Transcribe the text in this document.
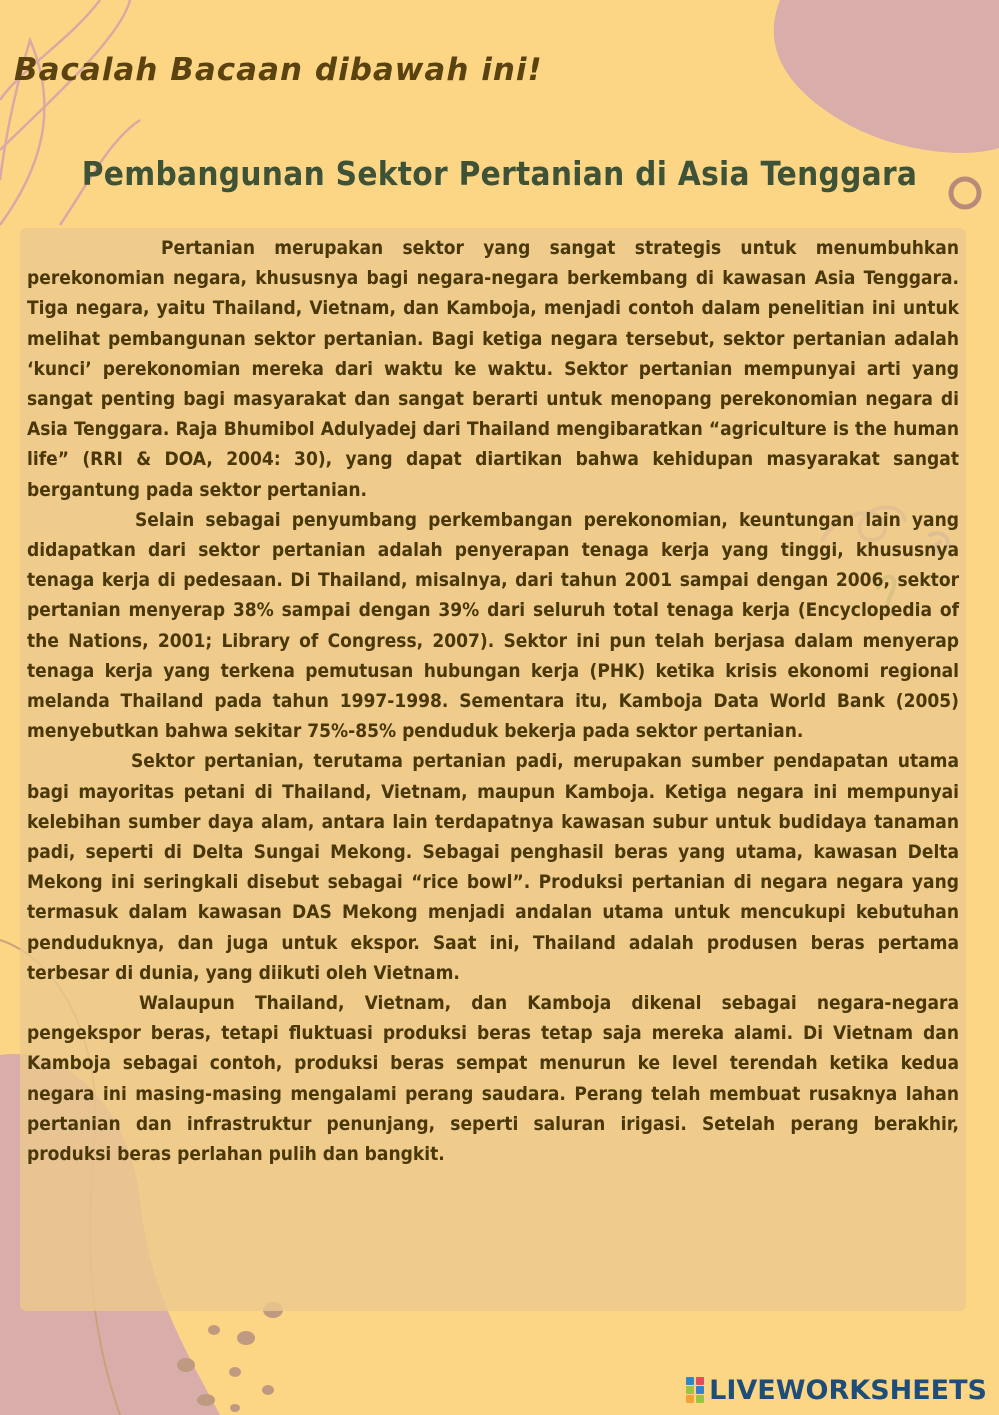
Bacalah Bacaan dibawah ini!
Pembangunan Sektor Pertanian di Asia Tenggara

Pertanian merupakan sektor yang sangat strategis untuk menumbuhkan perekonomian negara, khususnya bagi negara-negara berkembang di kawasan Asia Tenggara. Tiga negara, yaitu Thailand, Vietnam, dan Kamboja, menjadi contoh dalam penelitian ini untuk melihat pembangunan sektor pertanian. Bagi ketiga negara tersebut, sektor pertanian adalah ‘kunci’ perekonomian mereka dari waktu ke waktu. Sektor pertanian mempunyai arti yang sangat penting bagi masyarakat dan sangat berarti untuk menopang perekonomian negara di Asia Tenggara. Raja Bhumibol Adulyadej dari Thailand mengibaratkan “agriculture is the human life” (RRI & DOA, 2004: 30), yang dapat diartikan bahwa kehidupan masyarakat sangat bergantung pada sektor pertanian.

Selain sebagai penyumbang perkembangan perekonomian, keuntungan lain yang didapatkan dari sektor pertanian adalah penyerapan tenaga kerja yang tinggi, khususnya tenaga kerja di pedesaan. Di Thailand, misalnya, dari tahun 2001 sampai dengan 2006, sektor pertanian menyerap 38% sampai dengan 39% dari seluruh total tenaga kerja (Encyclopedia of the Nations, 2001; Library of Congress, 2007). Sektor ini pun telah berjasa dalam menyerap tenaga kerja yang terkena pemutusan hubungan kerja (PHK) ketika krisis ekonomi regional melanda Thailand pada tahun 1997-1998. Sementara itu, Kamboja Data World Bank (2005) menyebutkan bahwa sekitar 75%-85% penduduk bekerja pada sektor pertanian.

Sektor pertanian, terutama pertanian padi, merupakan sumber pendapatan utama bagi mayoritas petani di Thailand, Vietnam, maupun Kamboja. Ketiga negara ini mempunyai kelebihan sumber daya alam, antara lain terdapatnya kawasan subur untuk budidaya tanaman padi, seperti di Delta Sungai Mekong. Sebagai penghasil beras yang utama, kawasan Delta Mekong ini seringkali disebut sebagai “rice bowl”. Produksi pertanian di negara negara yang termasuk dalam kawasan DAS Mekong menjadi andalan utama untuk mencukupi kebutuhan penduduknya, dan juga untuk ekspor. Saat ini, Thailand adalah produsen beras pertama terbesar di dunia, yang diikuti oleh Vietnam.

Walaupun Thailand, Vietnam, dan Kamboja dikenal sebagai negara-negara pengekspor beras, tetapi fluktuasi produksi beras tetap saja mereka alami. Di Vietnam dan Kamboja sebagai contoh, produksi beras sempat menurun ke level terendah ketika kedua negara ini masing-masing mengalami perang saudara. Perang telah membuat rusaknya lahan pertanian dan infrastruktur penunjang, seperti saluran irigasi. Setelah perang berakhir, produksi beras perlahan pulih dan bangkit.

LIVEWORKSHEETS
